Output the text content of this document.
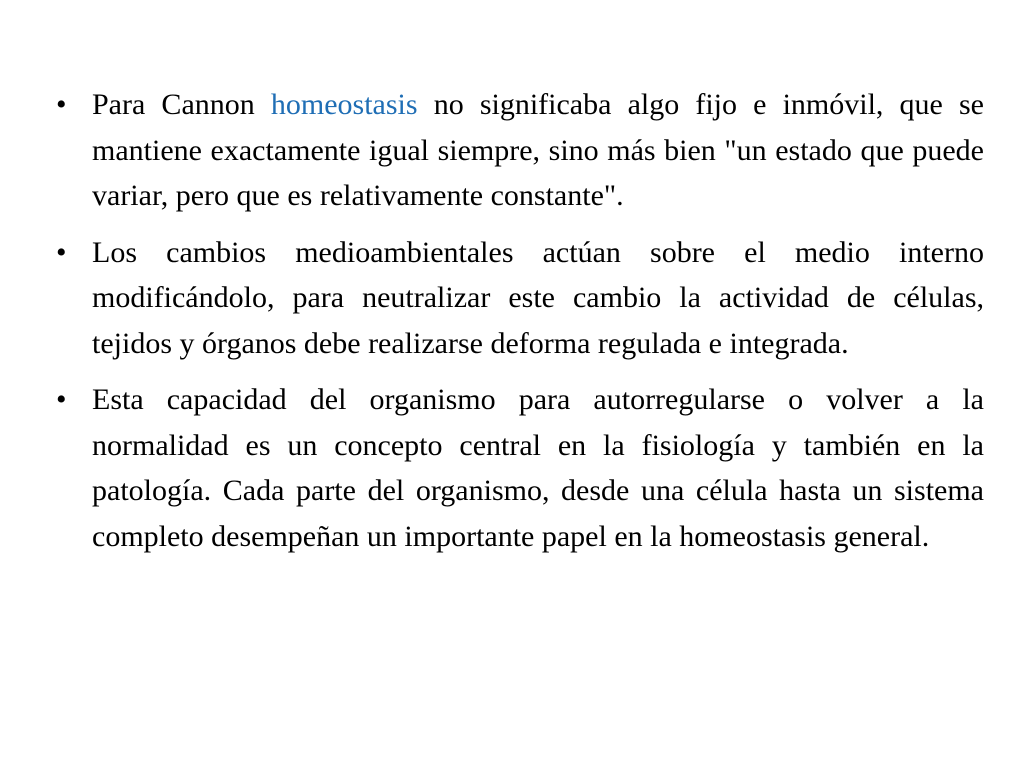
• Para Cannon homeostasis no significaba algo fijo e inmóvil, que se mantiene exactamente igual siempre, sino más bien "un estado que puede variar, pero que es relativamente constante".
• Los cambios medioambientales actúan sobre el medio interno modificándolo, para neutralizar este cambio la actividad de células, tejidos y órganos debe realizarse deforma regulada e integrada.
• Esta capacidad del organismo para autorregularse o volver a la normalidad es un concepto central en la fisiología y también en la patología. Cada parte del organismo, desde una célula hasta un sistema completo desempeñan un importante papel en la homeostasis general.
